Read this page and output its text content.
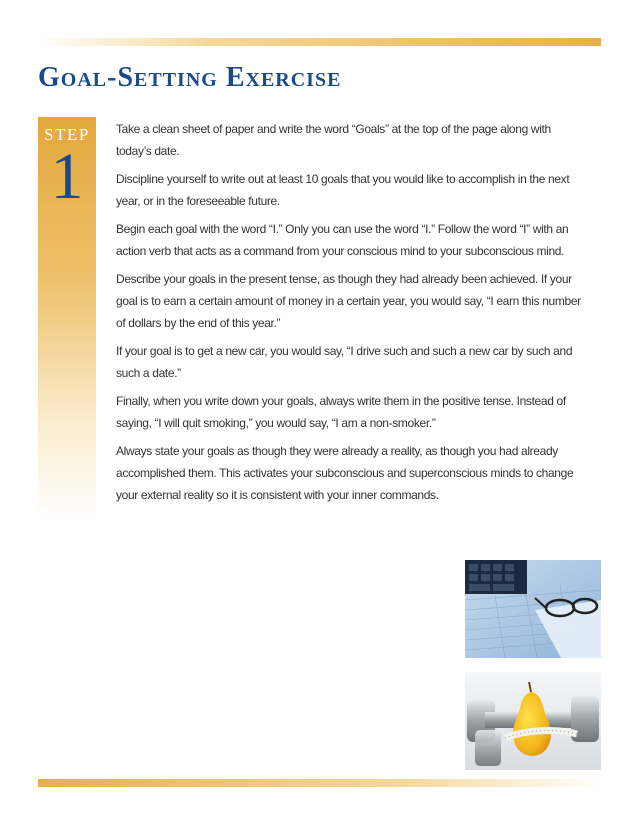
Goal-Setting Exercise
STEP
1

Take a clean sheet of paper and write the word “Goals” at the top of the page along with today’s date.

Discipline yourself to write out at least 10 goals that you would like to accomplish in the next year, or in the foreseeable future.

Begin each goal with the word “I.” Only you can use the word “I.” Follow the word “I” with an action verb that acts as a command from your conscious mind to your subconscious mind.

Describe your goals in the present tense, as though they had already been achieved. If your goal is to earn a certain amount of money in a certain year, you would say, “I earn this number of dollars by the end of this year.”

If your goal is to get a new car, you would say, “I drive such and such a new car by such and such a date.”

Finally, when you write down your goals, always write them in the positive tense. Instead of saying, “I will quit smoking,” you would say, “I am a non-smoker.”

Always state your goals as though they were already a reality, as though you had already accomplished them. This activates your subconscious and superconscious minds to change your external reality so it is consistent with your inner commands.
